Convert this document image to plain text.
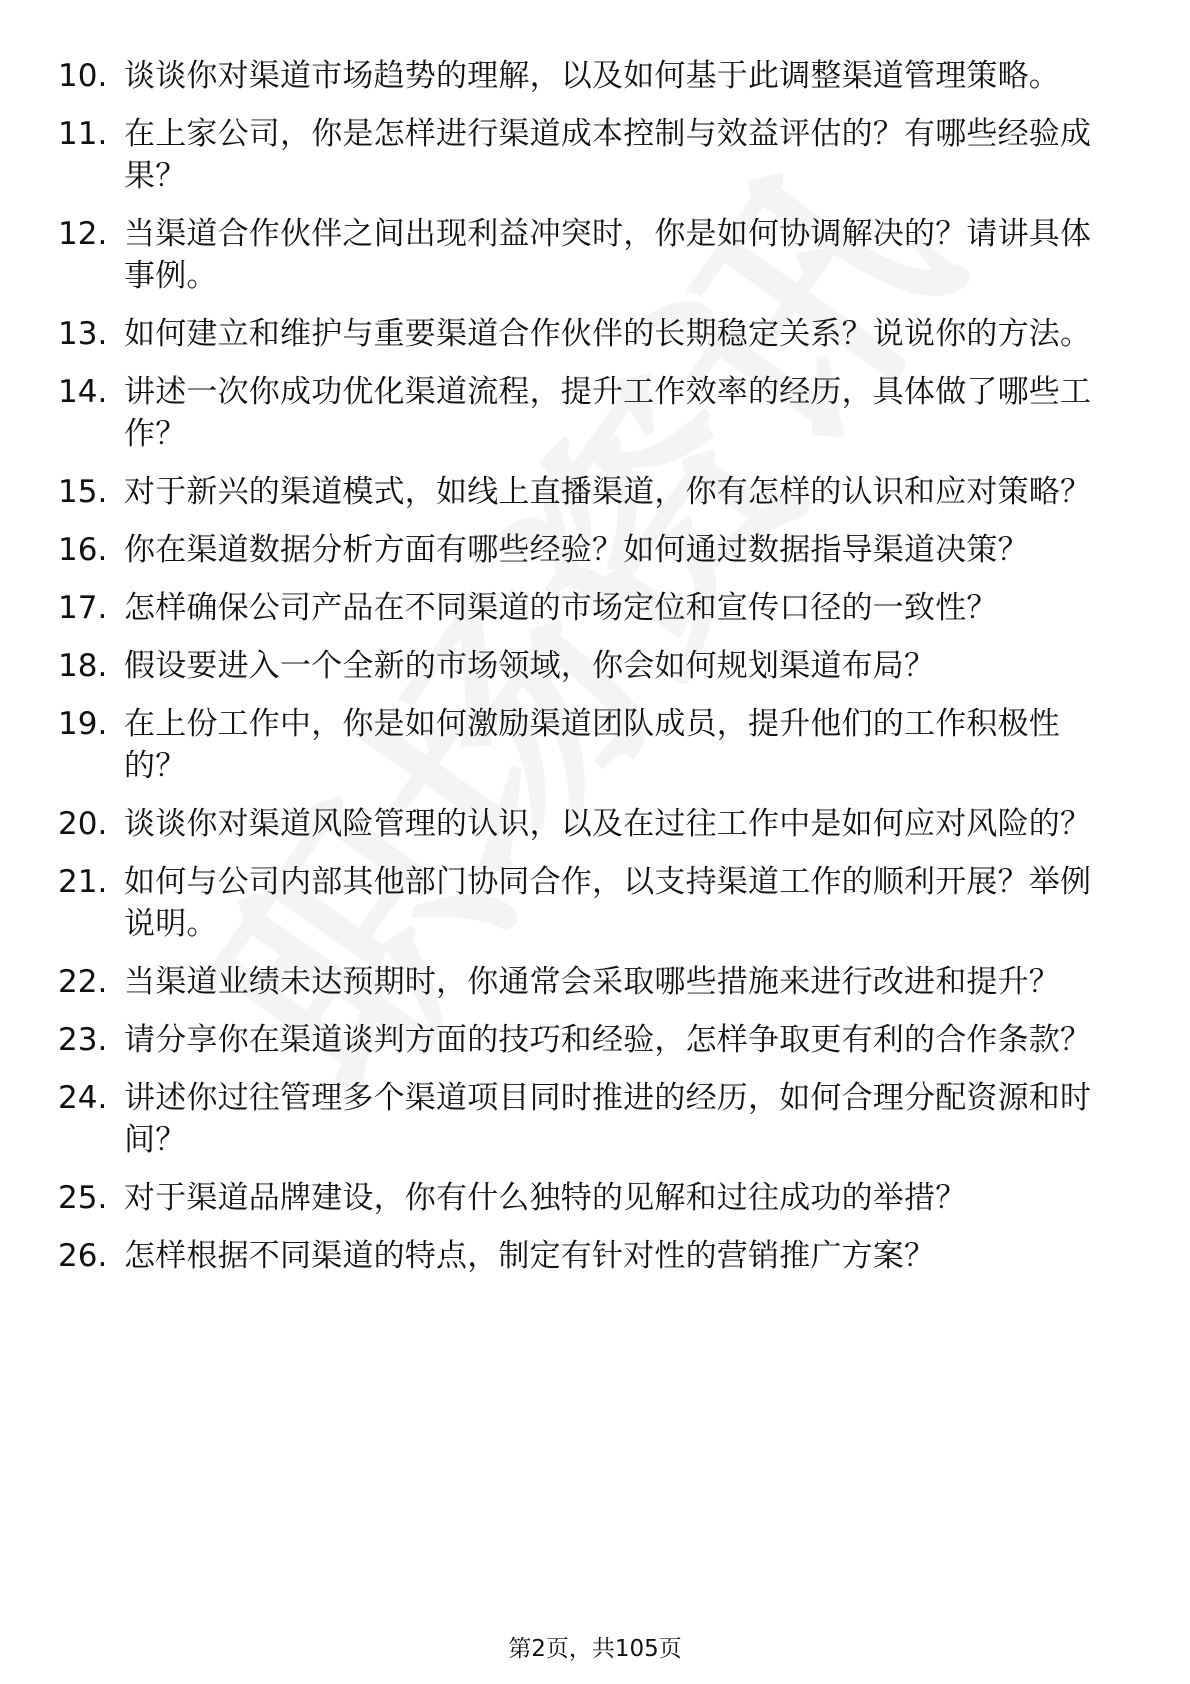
10. 谈谈你对渠道市场趋势的理解，以及如何基于此调整渠道管理策略。
11. 在上家公司，你是怎样进行渠道成本控制与效益评估的？有哪些经验成果？
12. 当渠道合作伙伴之间出现利益冲突时，你是如何协调解决的？请讲具体事例。
13. 如何建立和维护与重要渠道合作伙伴的长期稳定关系？说说你的方法。
14. 讲述一次你成功优化渠道流程，提升工作效率的经历，具体做了哪些工作？
15. 对于新兴的渠道模式，如线上直播渠道，你有怎样的认识和应对策略？
16. 你在渠道数据分析方面有哪些经验？如何通过数据指导渠道决策？
17. 怎样确保公司产品在不同渠道的市场定位和宣传口径的一致性？
18. 假设要进入一个全新的市场领域，你会如何规划渠道布局？
19. 在上份工作中，你是如何激励渠道团队成员，提升他们的工作积极性的？
20. 谈谈你对渠道风险管理的认识，以及在过往工作中是如何应对风险的？
21. 如何与公司内部其他部门协同合作，以支持渠道工作的顺利开展？举例说明。
22. 当渠道业绩未达预期时，你通常会采取哪些措施来进行改进和提升？
23. 请分享你在渠道谈判方面的技巧和经验，怎样争取更有利的合作条款？
24. 讲述你过往管理多个渠道项目同时推进的经历，如何合理分配资源和时间？
25. 对于渠道品牌建设，你有什么独特的见解和过往成功的举措？
26. 怎样根据不同渠道的特点，制定有针对性的营销推广方案？
第2页，共105页
